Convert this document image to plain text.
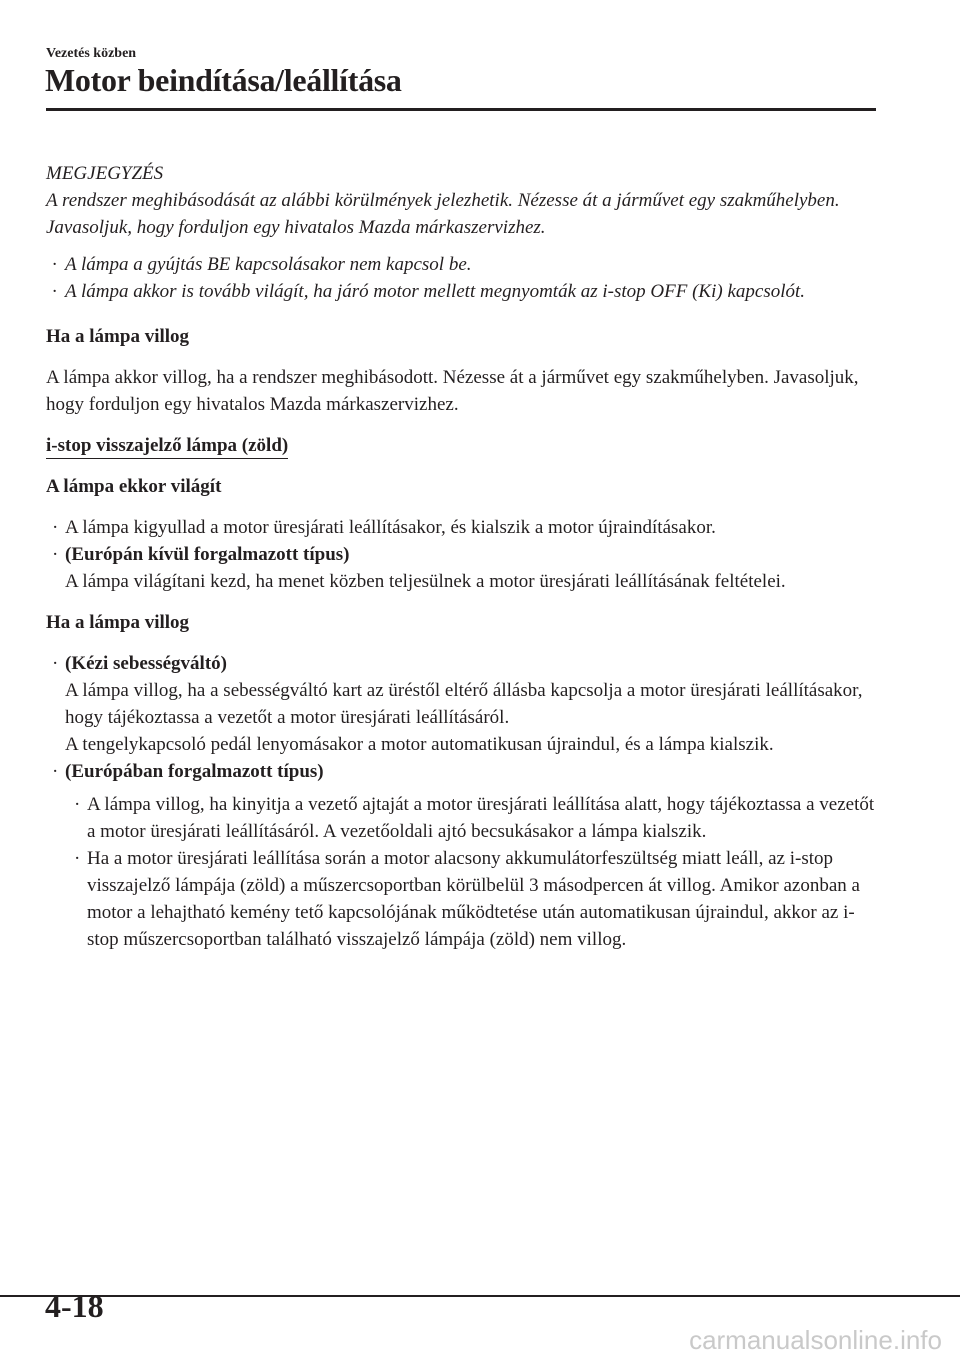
Vezetés közben
Motor beindítása/leállítása

MEGJEGYZÉS

A rendszer meghibásodását az alábbi körülmények jelezhetik. Nézesse át a járművet egy szakműhelyben. Javasoljuk, hogy forduljon egy hivatalos Mazda márkaszervizhez.

· A lámpa a gyújtás BE kapcsolásakor nem kapcsol be.
· A lámpa akkor is tovább világít, ha járó motor mellett megnyomták az i-stop OFF (Ki) kapcsolót.

Ha a lámpa villog

A lámpa akkor villog, ha a rendszer meghibásodott. Nézesse át a járművet egy szakműhelyben. Javasoljuk, hogy forduljon egy hivatalos Mazda márkaszervizhez.

i-stop visszajelző lámpa (zöld)

A lámpa ekkor világít

· A lámpa kigyullad a motor üresjárati leállításakor, és kialszik a motor újraindításakor.
· (Európán kívül forgalmazott típus)
A lámpa világítani kezd, ha menet közben teljesülnek a motor üresjárati leállításának feltételei.

Ha a lámpa villog

· (Kézi sebességváltó)
A lámpa villog, ha a sebességváltó kart az üréstől eltérő állásba kapcsolja a motor üresjárati leállításakor, hogy tájékoztassa a vezetőt a motor üresjárati leállításáról.
A tengelykapcsoló pedál lenyomásakor a motor automatikusan újraindul, és a lámpa kialszik.
· (Európában forgalmazott típus)
· A lámpa villog, ha kinyitja a vezető ajtaját a motor üresjárati leállítása alatt, hogy tájékoztassa a vezetőt a motor üresjárati leállításáról. A vezetőoldali ajtó becsukásakor a lámpa kialszik.
· Ha a motor üresjárati leállítása során a motor alacsony akkumulátorfeszültség miatt leáll, az i-stop visszajelző lámpája (zöld) a műszercsoportban körülbelül 3 másodpercen át villog. Amikor azonban a motor a lehajtható kemény tető kapcsolójának működtetése után automatikusan újraindul, akkor az i-stop műszercsoportban található visszajelző lámpája (zöld) nem villog.
4-18
carmanualsonline.info
